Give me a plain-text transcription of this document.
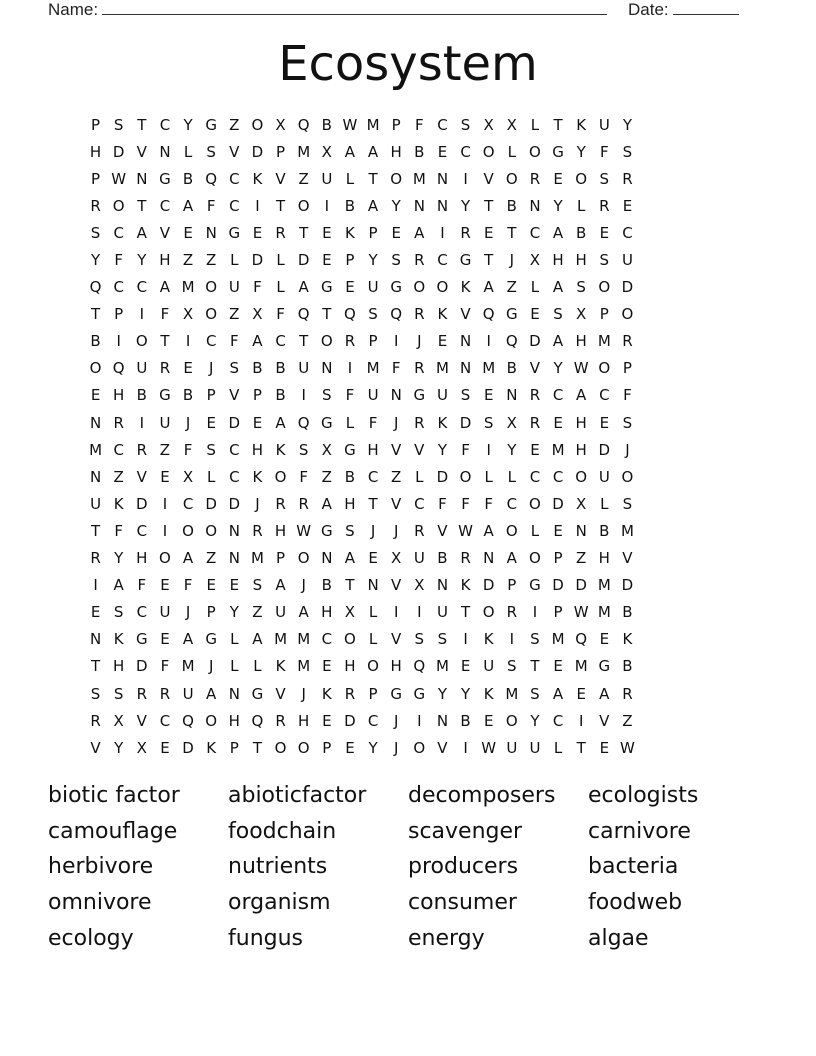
Name:	Date:
Ecosystem
P S T C Y G Z O X Q B W M P F C S X X L T K U Y
H D V N L S V D P M X A A H B E C O L O G Y F S
P W N G B Q C K V Z U L T O M N	I	V O R E O S R
R O T C A F C	I	T O	I	B A Y N N Y T B N Y L R E
S C A V E N G E R T E K P E A	I	R E T C A B E C
Y F Y H Z Z L D L D E P Y S R C G T	J	X H H S U
Q C C A M O U F L A G E U G O O K A Z L A S O D
T P	I	F X O Z X F Q T Q S Q R K V Q G E S X P O
B	I	O T	I	C F A C T O R P	I	J	E N	I	Q D A H M R
O Q U R E	J	S B B U N	I M F R M N M B V Y W O P
E H B G B P V P B	I	S F U N G U S E N R C A C F
N R	I	U	J	E D E A Q G L F	J	R K D S X R E H E S
M C R Z F S C H K S X G H V V Y F	I	Y E M H D	J
N Z V E X L C K O F Z B C Z L D O L L C C O U O
U K D	I	C D D	J	R R A H T V C F F F C O D X L S
T F C	I	O O N R H W G S	J	J	R V W A O L E N B M
R Y H O A Z N M P O N A E X U B R N A O P Z H V
I	A F E F E E S A	J	B T N V X N K D P G D D M D
E S C U	J	P Y Z U A H X L	I	I	U T O R	I	P W M B
N K G E A G L A M M C O L V S S	I	K	I	S M Q E K
T H D F M J	L L K M E H O H Q M E U S T E M G B
S S R R U A N G V	J	K R P G G Y Y K M S A E A R
R X V C Q O H Q R H E D C	J	I	N B E O Y C	I	V Z
V Y X E D K P T O O P E Y	J	O V	I W U U L T E W
biotic factor	abioticfactor	decomposers	ecologists
camouflage	foodchain	scavenger	carnivore
herbivore	nutrients	producers	bacteria
omnivore	organism	consumer	foodweb
ecology	fungus	energy	algae
